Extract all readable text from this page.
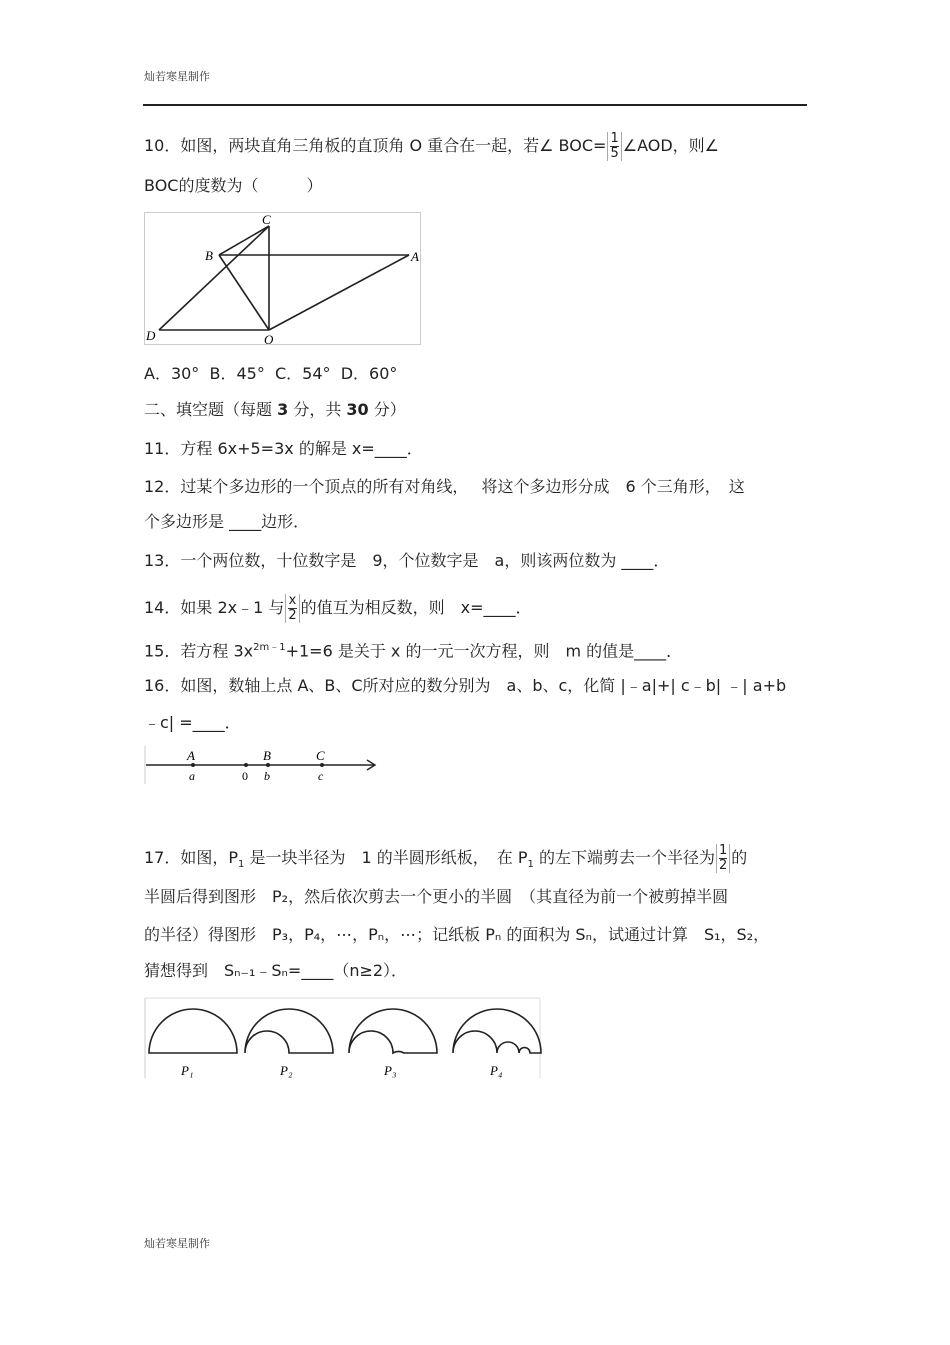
灿若寒星制作
10．如图，两块直角三角板的直顶角 O 重合在一起，若∠ $BOC= \frac{1}{5}$ ∠AOD，则∠
BOC的度数为（　　　）
C
B	A
D	O
A．30°  B．45°  C．54°  D．60°
二、填空题（每题 3 分，共 30 分）
11．方程 6x+5=3x 的解是 x=____．
12．过某个多边形的一个顶点的所有对角线，　 将这个多边形分成　6 个三角形，　这
个多边形是 ____边形．
13．一个两位数，十位数字是　9，个位数字是　a，则该两位数为 ____．
14．如果 2x﹣1 与 $\frac{x}{2}$ 的值互为相反数，则　x=____．
15．若方程 $3x^{2m﹣1}+1=6$ 是关于 x 的一元一次方程，则　m 的值是____．
16．如图，数轴上点 A、B、C所对应的数分别为　a、b、c，化简 |﹣a|+| c﹣b| ﹣| a+b
﹣c| =____．
A	B	C
a	0 b	c
17．如图，$P_1$ 是一块半径为　1 的半圆形纸板，　在 $P_1$ 的左下端剪去一个半径为 $\frac{1}{2}$ 的
半圆后得到图形　P₂，然后依次剪去一个更小的半圆　（其直径为前一个被剪掉半圆
的半径）得图形　P₃，P₄，⋯，Pₙ，⋯；记纸板 Pₙ 的面积为 Sₙ，试通过计算　S₁，S₂，
猜想得到　Sₙ₋₁﹣Sₙ=____（n≥2）．
P₁	P₂	P₃	P₄
灿若寒星制作
